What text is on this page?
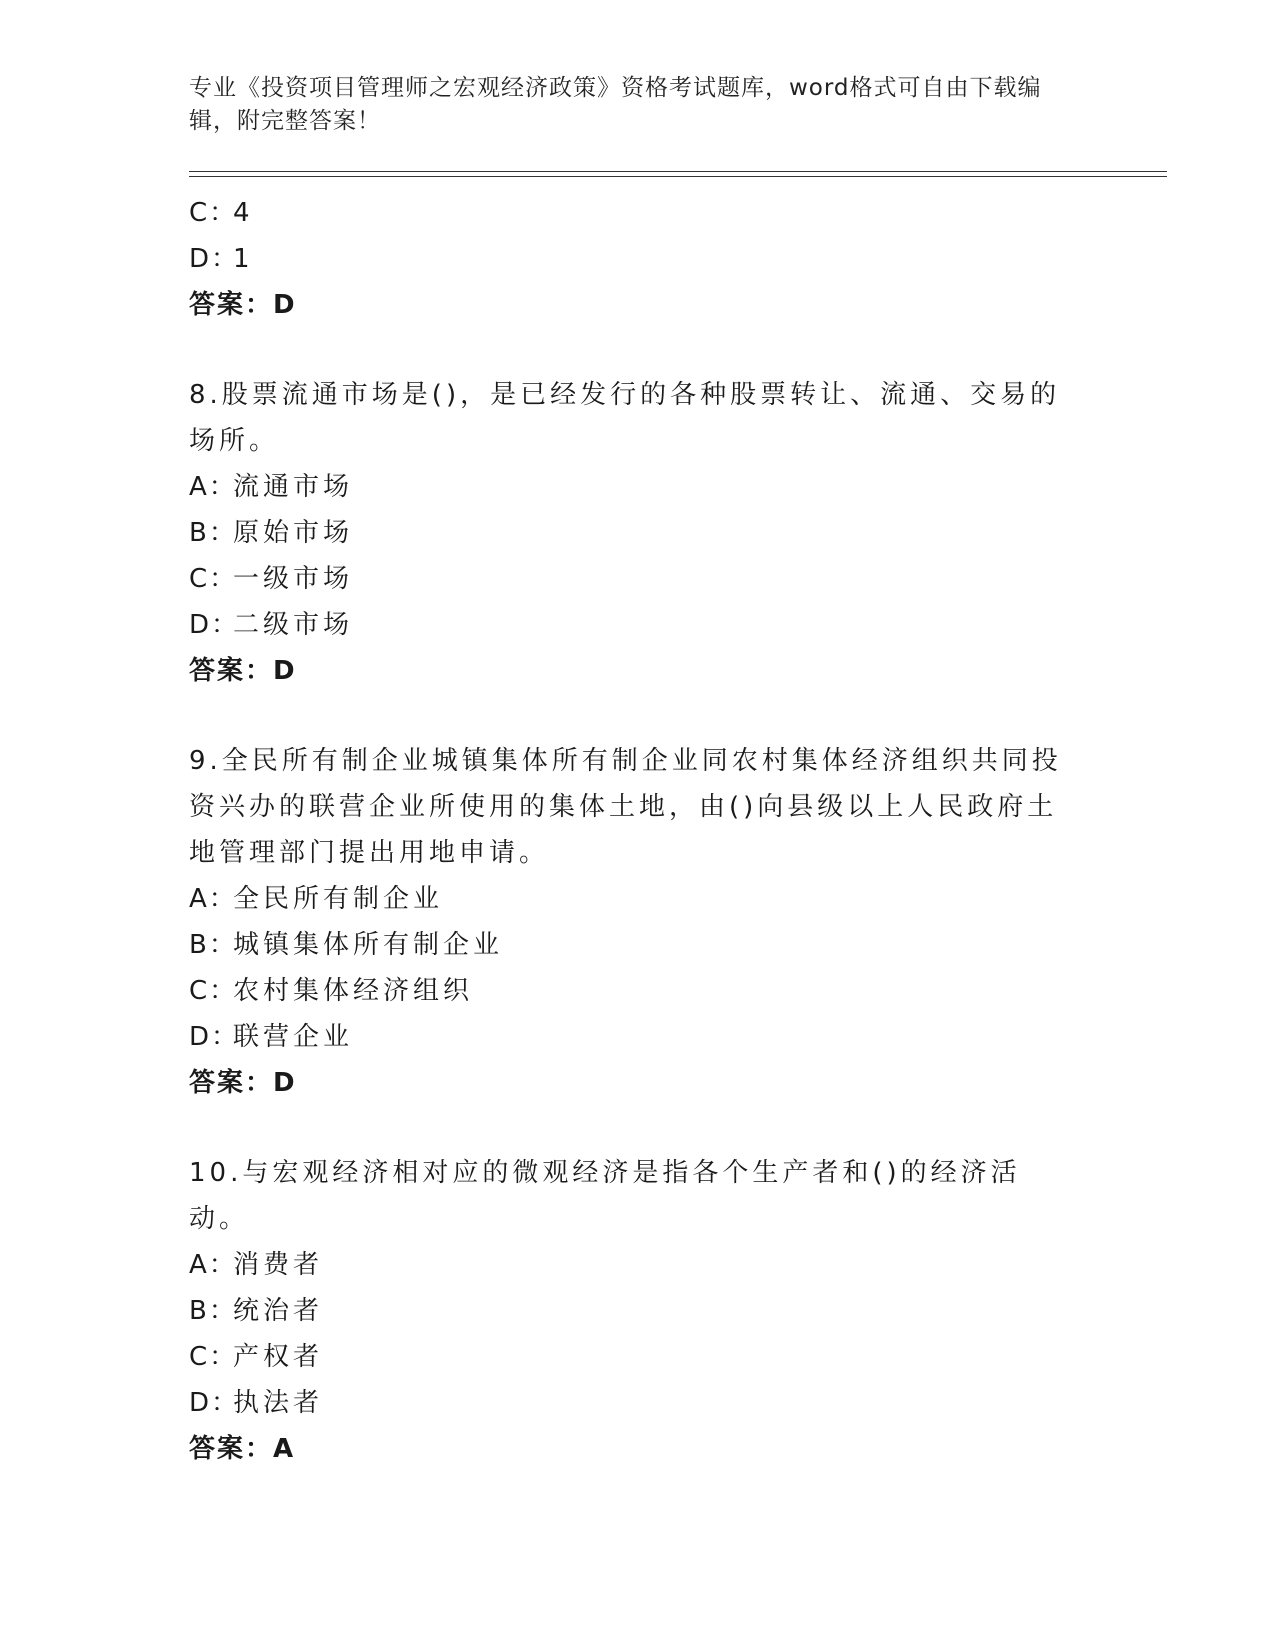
专业《投资项目管理师之宏观经济政策》资格考试题库，word格式可自由下载编辑，附完整答案！
C：4
D：1
答案：D
8.股票流通市场是()，是已经发行的各种股票转让、流通、交易的场所。
A：流通市场
B：原始市场
C：一级市场
D：二级市场
答案：D
9.全民所有制企业城镇集体所有制企业同农村集体经济组织共同投资兴办的联营企业所使用的集体土地，由()向县级以上人民政府土地管理部门提出用地申请。
A：全民所有制企业
B：城镇集体所有制企业
C：农村集体经济组织
D：联营企业
答案：D
10.与宏观经济相对应的微观经济是指各个生产者和()的经济活动。
A：消费者
B：统治者
C：产权者
D：执法者
答案：A
